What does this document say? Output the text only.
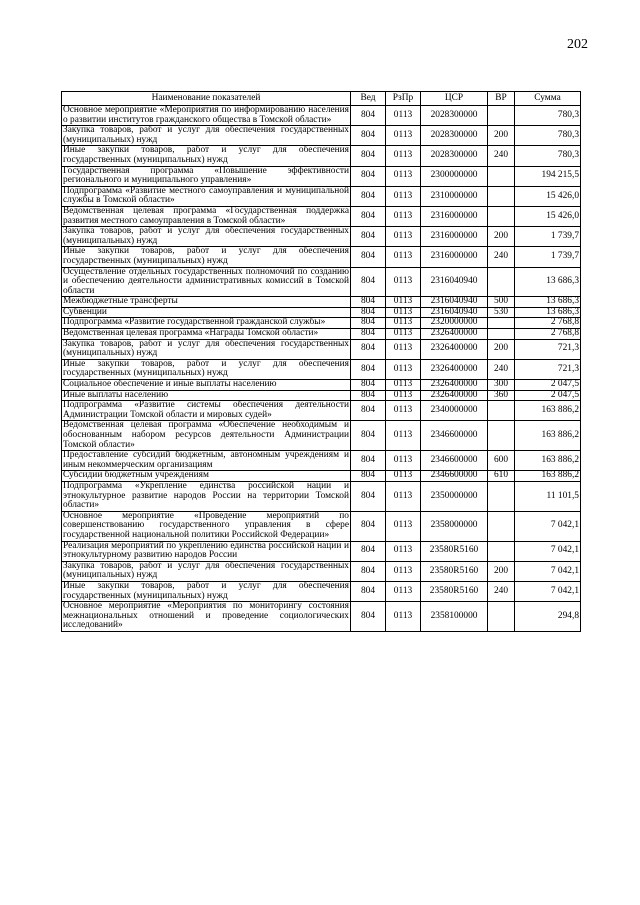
202
Наименование показателей	Вед	РзПр	ЦСР	ВР	Сумма
Основное мероприятие «Мероприятия по информированию населения о развитии институтов гражданского общества в Томской области»	804	0113	2028300000		780,3
Закупка товаров, работ и услуг для обеспечения государственных (муниципальных) нужд	804	0113	2028300000	200	780,3
Иные закупки товаров, работ и услуг для обеспечения государственных (муниципальных) нужд	804	0113	2028300000	240	780,3
Государственная программа «Повышение эффективности регионального и муниципального управления»	804	0113	2300000000		194 215,5
Подпрограмма «Развитие местного самоуправления и муниципальной службы в Томской области»	804	0113	2310000000		15 426,0
Ведомственная целевая программа «Государственная поддержка развития местного самоуправления в Томской области»	804	0113	2316000000		15 426,0
Закупка товаров, работ и услуг для обеспечения государственных (муниципальных) нужд	804	0113	2316000000	200	1 739,7
Иные закупки товаров, работ и услуг для обеспечения государственных (муниципальных) нужд	804	0113	2316000000	240	1 739,7
Осуществление отдельных государственных полномочий по созданию и обеспечению деятельности административных комиссий в Томской области	804	0113	2316040940		13 686,3
Межбюджетные трансферты	804	0113	2316040940	500	13 686,3
Субвенции	804	0113	2316040940	530	13 686,3
Подпрограмма «Развитие государственной гражданской службы»	804	0113	2320000000		2 768,8
Ведомственная целевая программа «Награды Томской области»	804	0113	2326400000		2 768,8
Закупка товаров, работ и услуг для обеспечения государственных (муниципальных) нужд	804	0113	2326400000	200	721,3
Иные закупки товаров, работ и услуг для обеспечения государственных (муниципальных) нужд	804	0113	2326400000	240	721,3
Социальное обеспечение и иные выплаты населению	804	0113	2326400000	300	2 047,5
Иные выплаты населению	804	0113	2326400000	360	2 047,5
Подпрограмма «Развитие системы обеспечения деятельности Администрации Томской области и мировых судей»	804	0113	2340000000		163 886,2
Ведомственная целевая программа «Обеспечение необходимым и обоснованным набором ресурсов деятельности Администрации Томской области»	804	0113	2346600000		163 886,2
Предоставление субсидий бюджетным, автономным учреждениям и иным некоммерческим организациям	804	0113	2346600000	600	163 886,2
Субсидии бюджетным учреждениям	804	0113	2346600000	610	163 886,2
Подпрограмма «Укрепление единства российской нации и этнокультурное развитие народов России на территории Томской области»	804	0113	2350000000		11 101,5
Основное мероприятие «Проведение мероприятий по совершенствованию государственного управления в сфере государственной национальной политики Российской Федерации»	804	0113	2358000000		7 042,1
Реализация мероприятий по укреплению единства российской нации и этнокультурному развитию народов России	804	0113	23580R5160		7 042,1
Закупка товаров, работ и услуг для обеспечения государственных (муниципальных) нужд	804	0113	23580R5160	200	7 042,1
Иные закупки товаров, работ и услуг для обеспечения государственных (муниципальных) нужд	804	0113	23580R5160	240	7 042,1
Основное мероприятие «Мероприятия по мониторингу состояния межнациональных отношений и проведение социологических исследований»	804	0113	2358100000		294,8
